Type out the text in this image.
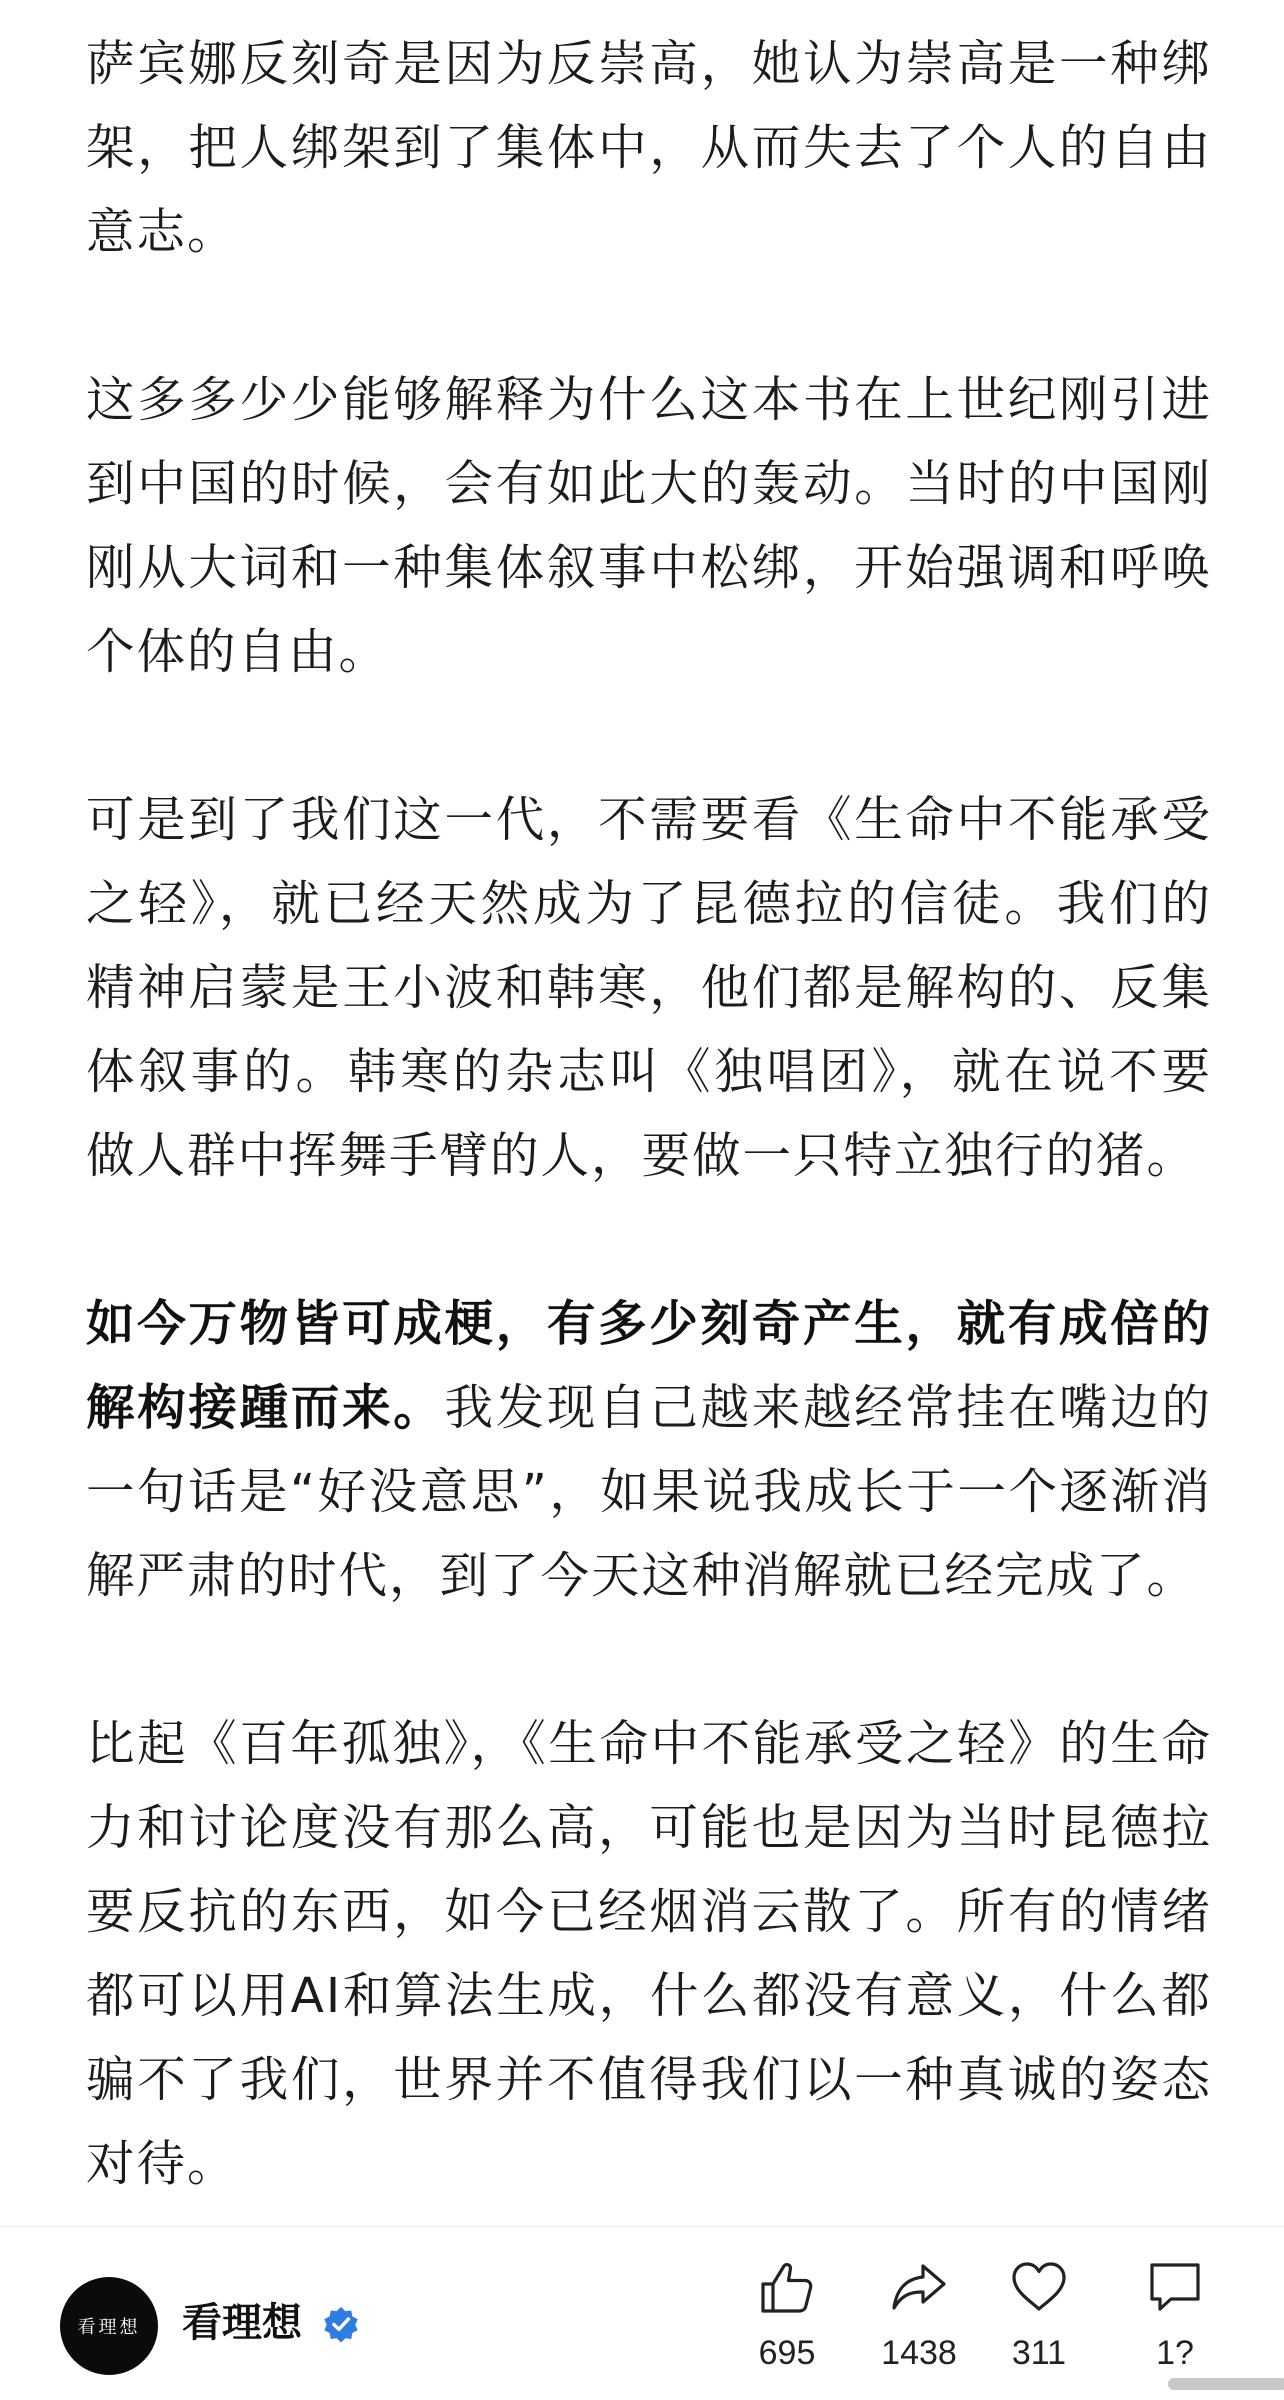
萨宾娜反刻奇是因为反崇高，她认为崇高是一种绑架，把人绑架到了集体中，从而失去了个人的自由意志。

这多多少少能够解释为什么这本书在上世纪刚引进到中国的时候，会有如此大的轰动。当时的中国刚刚从大词和一种集体叙事中松绑，开始强调和呼唤个体的自由。

可是到了我们这一代，不需要看《生命中不能承受之轻》，就已经天然成为了昆德拉的信徒。我们的精神启蒙是王小波和韩寒，他们都是解构的、反集体叙事的。韩寒的杂志叫《独唱团》，就在说不要做人群中挥舞手臂的人，要做一只特立独行的猪。

如今万物皆可成梗，有多少刻奇产生，就有成倍的解构接踵而来。我发现自己越来越经常挂在嘴边的一句话是“好没意思”，如果说我成长于一个逐渐消解严肃的时代，到了今天这种消解就已经完成了。

比起《百年孤独》，《生命中不能承受之轻》的生命力和讨论度没有那么高，可能也是因为当时昆德拉要反抗的东西，如今已经烟消云散了。所有的情绪都可以用AI和算法生成，什么都没有意义，什么都骗不了我们，世界并不值得我们以一种真诚的姿态对待。

看理想	看理想
695	1438	311	1?
